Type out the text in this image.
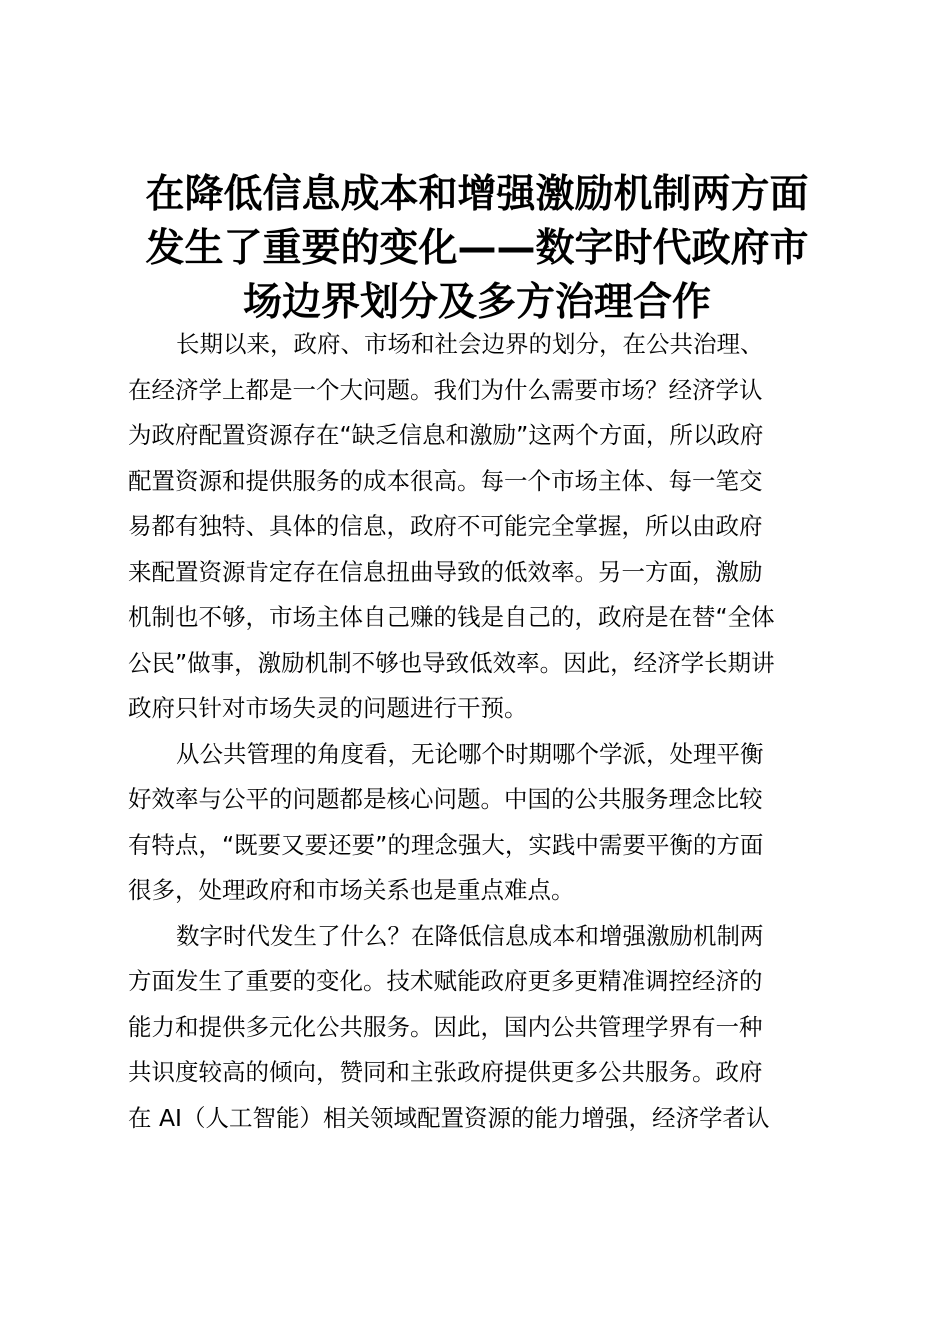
在降低信息成本和增强激励机制两方面
发生了重要的变化——数字时代政府市
场边界划分及多方治理合作

长期以来，政府、市场和社会边界的划分，在公共治理、
在经济学上都是一个大问题。我们为什么需要市场？经济学认
为政府配置资源存在“缺乏信息和激励”这两个方面，所以政府
配置资源和提供服务的成本很高。每一个市场主体、每一笔交
易都有独特、具体的信息，政府不可能完全掌握，所以由政府
来配置资源肯定存在信息扭曲导致的低效率。另一方面，激励
机制也不够，市场主体自己赚的钱是自己的，政府是在替“全体
公民”做事，激励机制不够也导致低效率。因此，经济学长期讲
政府只针对市场失灵的问题进行干预。

从公共管理的角度看，无论哪个时期哪个学派，处理平衡
好效率与公平的问题都是核心问题。中国的公共服务理念比较
有特点，“既要又要还要”的理念强大，实践中需要平衡的方面
很多，处理政府和市场关系也是重点难点。

数字时代发生了什么？在降低信息成本和增强激励机制两
方面发生了重要的变化。技术赋能政府更多更精准调控经济的
能力和提供多元化公共服务。因此，国内公共管理学界有一种
共识度较高的倾向，赞同和主张政府提供更多公共服务。政府
在 AI（人工智能）相关领域配置资源的能力增强，经济学者认
